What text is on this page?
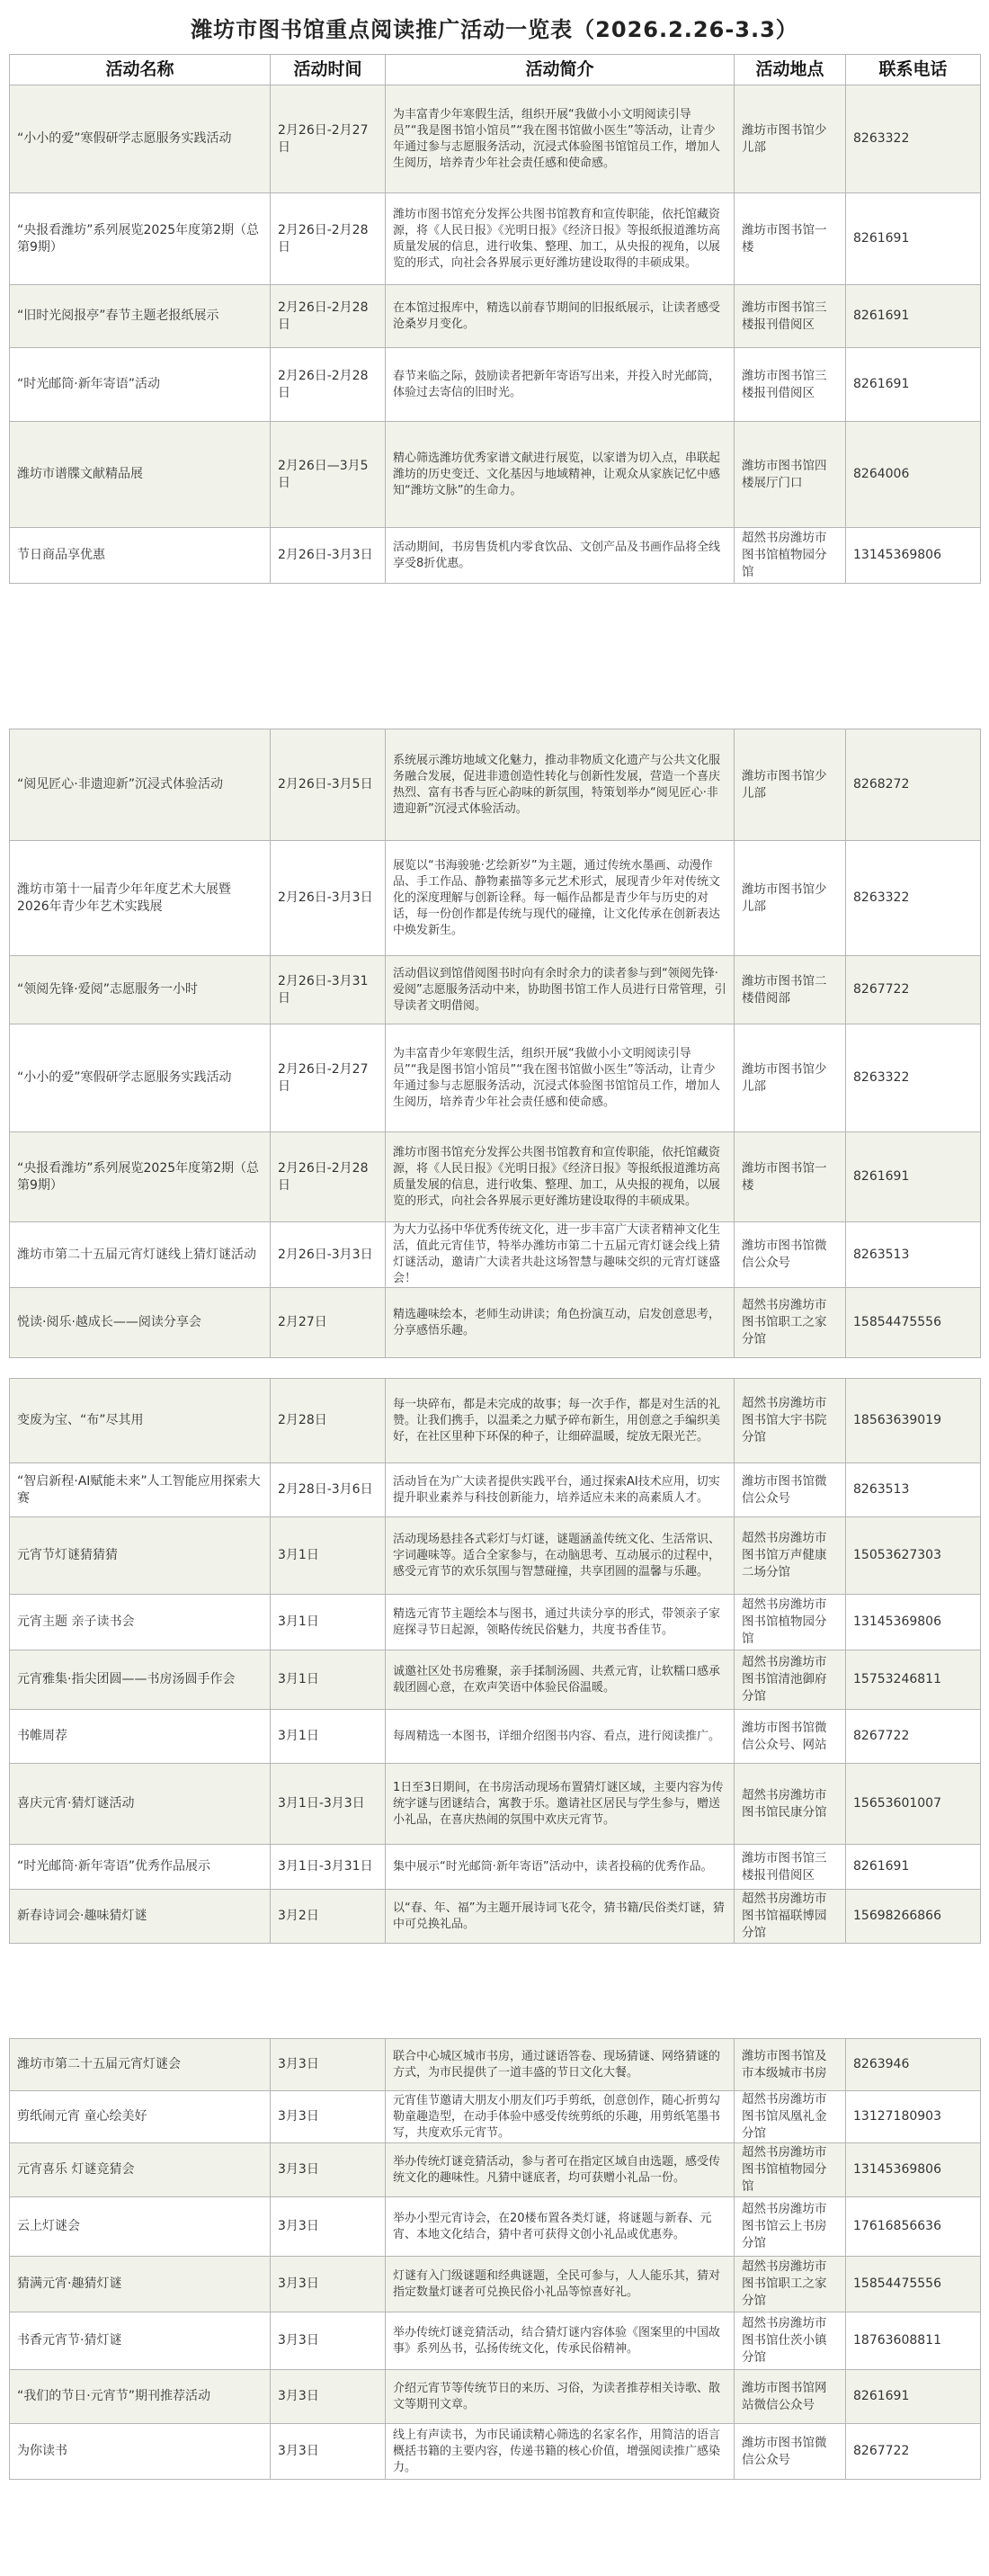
潍坊市图书馆重点阅读推广活动一览表（2026.2.26-3.3）
活动名称	活动时间	活动简介	活动地点	联系电话
“小小的爱”寒假研学志愿服务实践活动	2月26日-2月27日	为丰富青少年寒假生活，组织开展“我做小小文明阅读引导员”“我是图书馆小馆员”“我在图书馆做小医生”等活动，让青少年通过参与志愿服务活动，沉浸式体验图书馆馆员工作，增加人生阅历，培养青少年社会责任感和使命感。	潍坊市图书馆少儿部	8263322
“央报看潍坊”系列展览2025年度第2期（总第9期）	2月26日-2月28日	潍坊市图书馆充分发挥公共图书馆教育和宣传职能，依托馆藏资源，将《人民日报》《光明日报》《经济日报》等报纸报道潍坊高质量发展的信息，进行收集、整理、加工，从央报的视角，以展览的形式，向社会各界展示更好潍坊建设取得的丰硕成果。	潍坊市图书馆一楼	8261691
“旧时光阅报亭”春节主题老报纸展示	2月26日-2月28日	在本馆过报库中，精选以前春节期间的旧报纸展示，让读者感受沧桑岁月变化。	潍坊市图书馆三楼报刊借阅区	8261691
“时光邮筒·新年寄语”活动	2月26日-2月28日	春节来临之际，鼓励读者把新年寄语写出来，并投入时光邮筒，体验过去寄信的旧时光。	潍坊市图书馆三楼报刊借阅区	8261691
潍坊市谱牒文献精品展	2月26日—3月5日	精心筛选潍坊优秀家谱文献进行展览，以家谱为切入点，串联起潍坊的历史变迁、文化基因与地域精神，让观众从家族记忆中感知“潍坊文脉”的生命力。	潍坊市图书馆四楼展厅门口	8264006
节日商品享优惠	2月26日-3月3日	活动期间，书房售货机内零食饮品、文创产品及书画作品将全线享受8折优惠。	超然书房潍坊市图书馆植物园分馆	13145369806
“阅见匠心·非遗迎新”沉浸式体验活动	2月26日-3月5日	系统展示潍坊地域文化魅力，推动非物质文化遗产与公共文化服务融合发展，促进非遗创造性转化与创新性发展，营造一个喜庆热烈、富有书香与匠心韵味的新氛围，特策划举办“阅见匠心·非遗迎新”沉浸式体验活动。	潍坊市图书馆少儿部	8268272
潍坊市第十一届青少年年度艺术大展暨2026年青少年艺术实践展	2月26日-3月3日	展览以“书海骏驰·艺绘新岁”为主题，通过传统水墨画、动漫作品、手工作品、静物素描等多元艺术形式，展现青少年对传统文化的深度理解与创新诠释。每一幅作品都是青少年与历史的对话，每一份创作都是传统与现代的碰撞，让文化传承在创新表达中焕发新生。	潍坊市图书馆少儿部	8263322
“领阅先锋·爱阅”志愿服务一小时	2月26日-3月31日	活动倡议到馆借阅图书时向有余时余力的读者参与到“领阅先锋·爱阅”志愿服务活动中来，协助图书馆工作人员进行日常管理，引导读者文明借阅。	潍坊市图书馆二楼借阅部	8267722
“小小的爱”寒假研学志愿服务实践活动	2月26日-2月27日	为丰富青少年寒假生活，组织开展“我做小小文明阅读引导员”“我是图书馆小馆员”“我在图书馆做小医生”等活动，让青少年通过参与志愿服务活动，沉浸式体验图书馆馆员工作，增加人生阅历，培养青少年社会责任感和使命感。	潍坊市图书馆少儿部	8263322
“央报看潍坊”系列展览2025年度第2期（总第9期）	2月26日-2月28日	潍坊市图书馆充分发挥公共图书馆教育和宣传职能，依托馆藏资源，将《人民日报》《光明日报》《经济日报》等报纸报道潍坊高质量发展的信息，进行收集、整理、加工，从央报的视角，以展览的形式，向社会各界展示更好潍坊建设取得的丰硕成果。	潍坊市图书馆一楼	8261691
潍坊市第二十五届元宵灯谜线上猜灯谜活动	2月26日-3月3日	为大力弘扬中华优秀传统文化，进一步丰富广大读者精神文化生活，值此元宵佳节，特举办潍坊市第二十五届元宵灯谜会线上猜灯谜活动，邀请广大读者共赴这场智慧与趣味交织的元宵灯谜盛会！	潍坊市图书馆微信公众号	8263513
悦读·阅乐·越成长——阅读分享会	2月27日	精选趣味绘本，老师生动讲读；角色扮演互动，启发创意思考，分享感悟乐趣。	超然书房潍坊市图书馆职工之家分馆	15854475556
变废为宝、“布”尽其用	2月28日	每一块碎布，都是未完成的故事；每一次手作，都是对生活的礼赞。让我们携手，以温柔之力赋予碎布新生，用创意之手编织美好，在社区里种下环保的种子，让细碎温暖，绽放无限光芒。	超然书房潍坊市图书馆大宇书院分馆	18563639019
“智启新程·AI赋能未来”人工智能应用探索大赛	2月28日-3月6日	活动旨在为广大读者提供实践平台，通过探索AI技术应用，切实提升职业素养与科技创新能力，培养适应未来的高素质人才。	潍坊市图书馆微信公众号	8263513
元宵节灯谜猜猜猜	3月1日	活动现场悬挂各式彩灯与灯谜，谜题涵盖传统文化、生活常识、字词趣味等。适合全家参与，在动脑思考、互动展示的过程中，感受元宵节的欢乐氛围与智慧碰撞，共享团圆的温馨与乐趣。	超然书房潍坊市图书馆万声健康二场分馆	15053627303
元宵主题 亲子读书会	3月1日	精选元宵节主题绘本与图书，通过共读分享的形式，带领亲子家庭探寻节日起源，领略传统民俗魅力，共度书香佳节。	超然书房潍坊市图书馆植物园分馆	13145369806
元宵雅集·指尖团圆——书房汤圆手作会	3月1日	诚邀社区处书房雅聚，亲手揉制汤圆、共煮元宵，让软糯口感承载团圆心意，在欢声笑语中体验民俗温暖。	超然书房潍坊市图书馆清池御府分馆	15753246811
书帷周荐	3月1日	每周精选一本图书，详细介绍图书内容、看点，进行阅读推广。	潍坊市图书馆微信公众号、网站	8267722
喜庆元宵·猜灯谜活动	3月1日-3月3日	1日至3日期间，在书房活动现场布置猜灯谜区域，主要内容为传统字谜与团谜结合，寓教于乐。邀请社区居民与学生参与，赠送小礼品，在喜庆热闹的氛围中欢庆元宵节。	超然书房潍坊市图书馆民康分馆	15653601007
“时光邮筒·新年寄语”优秀作品展示	3月1日-3月31日	集中展示“时光邮筒·新年寄语”活动中，读者投稿的优秀作品。	潍坊市图书馆三楼报刊借阅区	8261691
新春诗词会·趣味猜灯谜	3月2日	以“春、年、福”为主题开展诗词飞花令，猜书籍/民俗类灯谜，猜中可兑换礼品。	超然书房潍坊市图书馆福联博园分馆	15698266866
潍坊市第二十五届元宵灯谜会	3月3日	联合中心城区城市书房，通过谜语答卷、现场猜谜、网络猜谜的方式，为市民提供了一道丰盛的节日文化大餐。	潍坊市图书馆及市本级城市书房	8263946
剪纸闹元宵 童心绘美好	3月3日	元宵佳节邀请大朋友小朋友们巧手剪纸，创意创作，随心折剪勾勒童趣造型，在动手体验中感受传统剪纸的乐趣，用剪纸笔墨书写，共度欢乐元宵节。	超然书房潍坊市图书馆凤凰礼金分馆	13127180903
元宵喜乐 灯谜竞猜会	3月3日	举办传统灯谜竞猜活动，参与者可在指定区域自由选题，感受传统文化的趣味性。凡猜中谜底者，均可获赠小礼品一份。	超然书房潍坊市图书馆植物园分馆	13145369806
云上灯谜会	3月3日	举办小型元宵诗会，在20楼布置各类灯谜，将谜题与新春、元宵、本地文化结合，猜中者可获得文创小礼品或优惠券。	超然书房潍坊市图书馆云上书房分馆	17616856636
猜满元宵·趣猜灯谜	3月3日	灯谜有入门级谜题和经典谜题，全民可参与，人人能乐其，猜对指定数量灯谜者可兑换民俗小礼品等惊喜好礼。	超然书房潍坊市图书馆职工之家分馆	15854475556
书香元宵节·猜灯谜	3月3日	举办传统灯谜竞猜活动，结合猜灯谜内容体验《图案里的中国故事》系列丛书，弘扬传统文化，传承民俗精神。	超然书房潍坊市图书馆仕茨小镇分馆	18763608811
“我们的节日·元宵节”期刊推荐活动	3月3日	介绍元宵节等传统节日的来历、习俗，为读者推荐相关诗歌、散文等期刊文章。	潍坊市图书馆网站微信公众号	8261691
为你读书	3月3日	线上有声读书，为市民诵读精心筛选的名家名作，用简洁的语言概括书籍的主要内容，传递书籍的核心价值，增强阅读推广感染力。	潍坊市图书馆微信公众号	8267722
